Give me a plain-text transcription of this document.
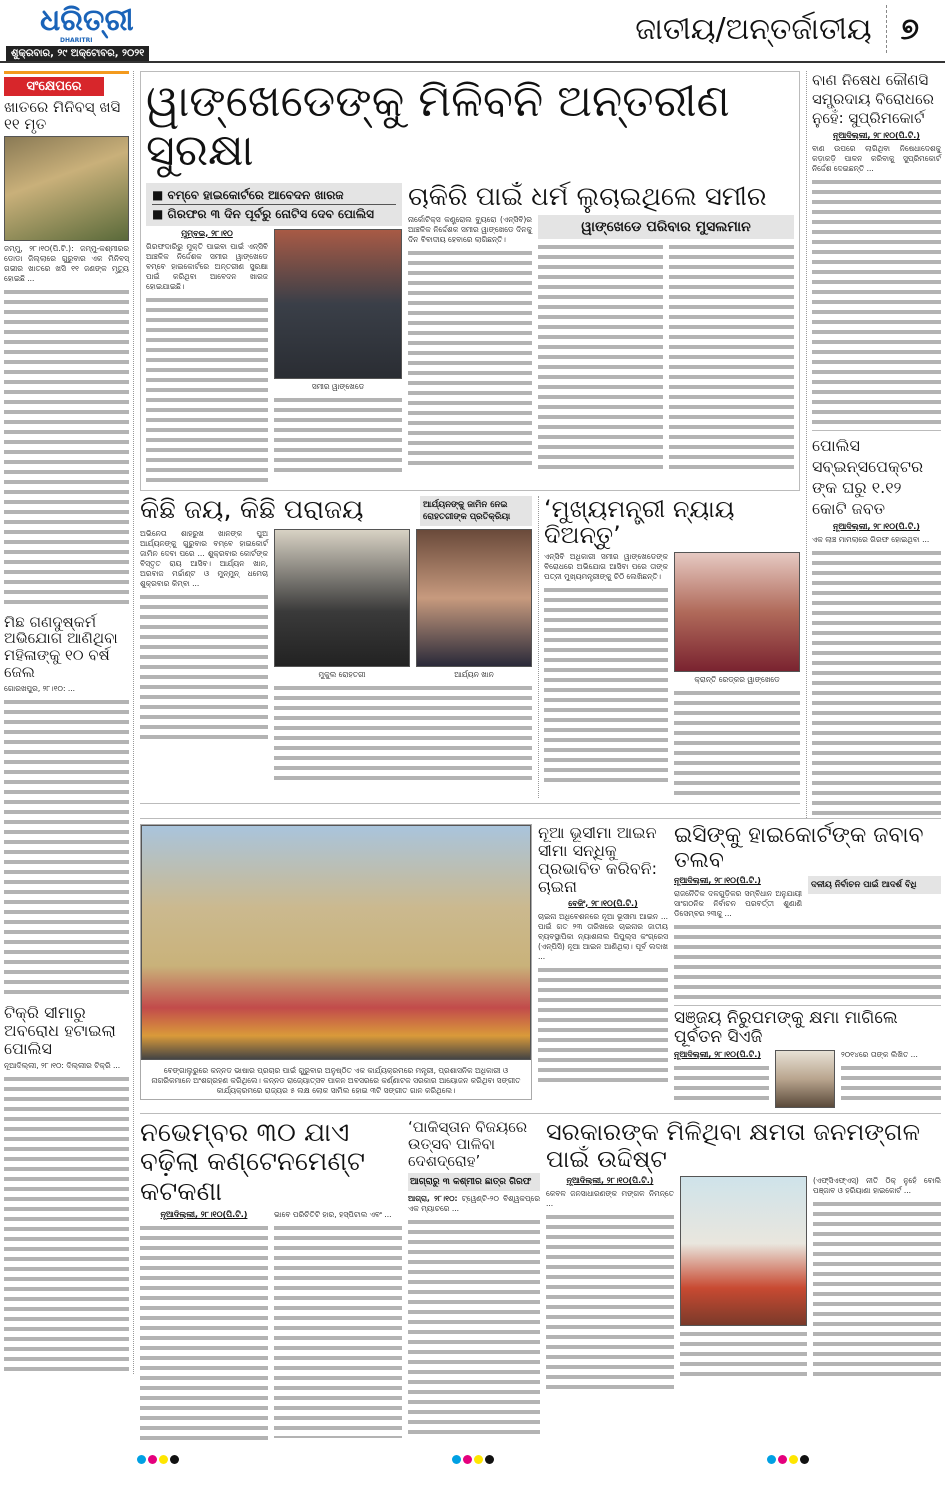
ଧରିତ୍ରୀ
DHARITRI
ଶୁକ୍ରବାର, ୨୯ ଅକ୍ଟୋବର, ୨୦୨୧
ଜାତୀୟ/ଅନ୍ତର୍ଜାତୀୟ ୭
ସଂକ୍ଷେପରେ
ଖାତରେ ମିନିବସ୍ ଖସି ୧୧ ମୃତ
ଜମ୍ମୁ, ୨୮।୧୦(ପି.ଟି.): ଜମ୍ମୁ-କଶ୍ମୀରର ଡୋଡା ଜିଲ୍ଲାରେ ଗୁରୁବାର ଏକ ମିନିବସ୍ ଗଭୀର ଖାତରେ ଖସି ୧୧ ଜଣଙ୍କ ମୃତ୍ୟୁ ହୋଇଛି ...
ମିଛ ଗଣଦୁଷ୍କର୍ମ ଅଭିଯୋଗ ଆଣିଥିବା ମହିଳାଙ୍କୁ ୧୦ ବର୍ଷ ଜେଲ
ଗୋରଖପୁର, ୨୮।୧୦: ...
ଟିକ୍ରି ସୀମାରୁ ଅବରୋଧ ହଟାଇଲା ପୋଲିସ
ନୂଆଦିଲ୍ଲୀ, ୨୮।୧୦: ଦିଲ୍ଲୀର ଟିକ୍ରି ...
ୱାଙ୍ଖେଡେଙ୍କୁ ମିଳିବନି ଅନ୍ତରୀଣ ସୁରକ୍ଷା
■ ବମ୍ବେ ହାଇକୋର୍ଟରେ ଆବେଦନ ଖାରଜ
■ ଗିରଫର ୩ ଦିନ ପୂର୍ବରୁ ନୋଟିସ ଦେବ ପୋଲିସ
ମୁମ୍ବଇ, ୨୮।୧୦
ଗିରଫଦାରିରୁ ମୁକ୍ତି ପାଇବା ପାଇଁ ଏନ୍‌ସିବି ଆଞ୍ଚଳିକ ନିର୍ଦ୍ଦେଶକ ସମୀର ୱାଙ୍ଖେଡେ ବମ୍ବେ ହାଇକୋର୍ଟରେ ଅନ୍ତରୀଣ ସୁରକ୍ଷା ପାଇଁ କରିଥିବା ଆବେଦନ ଖାରଜ ହୋଇଯାଇଛି।
ସମୀର ୱାଙ୍ଖେଡେ
ଚାକିରି ପାଇଁ ଧର୍ମ ଲୁଚାଇଥିଲେ ସମୀର
ନାର୍କୋଟିକ୍ସ କଣ୍ଟ୍ରୋଲ ବ୍ୟୁରୋ (ଏନ୍‌ସିବି)ର ଆଞ୍ଚଳିକ ନିର୍ଦ୍ଦେଶକ ସମୀର ୱାଙ୍ଖେଡେ ଦିନକୁ ଦିନ ବିବାଦୀୟ ହେବାରେ ଲାଗିଛନ୍ତି।
ୱାଙ୍ଖେଡେ ପରିବାର ମୁସଲମାନ
କିଛି ଜୟ, କିଛି ପରାଜୟ	ଆର୍ଯ୍ୟନଙ୍କୁ ଜାମିନ ନେଇ ରୋହତଗୀଙ୍କ ପ୍ରତିକ୍ରିୟା
ଅଭିନେତା ଶାହରୁଖ ଖାନଙ୍କ ପୁଅ ଆର୍ଯ୍ୟନଙ୍କୁ ଗୁରୁବାର ବମ୍ବେ ହାଇକୋର୍ଟ ଜାମିନ ଦେବା ପରେ ... ଶୁକ୍ରବାର କୋର୍ଟଙ୍କ ବିସ୍ତୃତ ରାୟ ଆସିବ। ଆର୍ଯ୍ୟନ ଖାନ, ଅରବାଜ ମର୍ଚ୍ଚାଣ୍ଟ ଓ ମୁନ୍‌ମୁନ୍ ଧମେଚା ଶୁକ୍ରବାର କିମ୍ବା ...
ମୁକୁଲ ରୋହତଗୀ	ଆର୍ଯ୍ୟନ ଖାନ
‘ମୁଖ୍ୟମନ୍ତ୍ରୀ ନ୍ୟାୟ ଦିଅନ୍ତୁ’
ଏନ୍‌ସିବି ଅଧିକାରୀ ସମୀର ୱାଙ୍ଖେଡେଙ୍କ ବିରୋଧରେ ଅଭିଯୋଗ ଆସିବା ପରେ ତାଙ୍କ ପତ୍ନୀ ମୁଖ୍ୟମନ୍ତ୍ରୀଙ୍କୁ ଚିଠି ଲେଖିଛନ୍ତି।
କ୍ରାନ୍ତି ରେଡ୍‌କର ୱାଙ୍ଖେଡେ
ବାଣ ନିଷେଧ କୌଣସି ସମ୍ପ୍ରଦାୟ ବିରୋଧରେ ନୁହେଁ: ସୁପ୍ରିମକୋର୍ଟ
ନୂଆଦିଲ୍ଲୀ, ୨୮।୧୦(ପି.ଟି.)
ବାଣ ଉପରେ ଲାଗିଥିବା ନିଷେଧାଦେଶକୁ କଡ଼ାକଡ଼ି ପାଳନ କରିବାକୁ ସୁପ୍ରିମକୋର୍ଟ ନିର୍ଦ୍ଦେଶ ଦେଇଛନ୍ତି ...
ପୋଲିସ ସବ୍‌ଇନ୍‌ସପେକ୍ଟରଙ୍କ ଘରୁ ୧.୧୨ କୋଟି ଜବତ
ନୂଆଦିଲ୍ଲୀ, ୨୮।୧୦(ପି.ଟି.)
ଏକ ଲାଞ୍ଚ ମାମଲାରେ ଗିରଫ ହୋଇଥିବା ...
ବେଙ୍ଗାଲୁରୁରେ କନ୍ନଡ ଭାଷାର ପ୍ରଚାର ପାଇଁ ଗୁରୁବାର ଅନୁଷ୍ଠିତ ଏକ କାର୍ଯ୍ୟକ୍ରମରେ ମନ୍ତ୍ରୀ, ପ୍ରଶାସନିକ ଅଧିକାରୀ ଓ ନାଗରିକମାନେ ଅଂଶଗ୍ରହଣ କରିଥିଲେ। କନ୍ନଡ ରାଜ୍ୟୋତ୍ସବ ପାଳନ ଅବସରରେ କର୍ଣ୍ଣାଟକ ସରକାର ଆୟୋଜନ କରିଥିବା ସଙ୍ଗୀତ କାର୍ଯ୍ୟକ୍ରମରେ ରାଜ୍ୟର ୫ ଲକ୍ଷ ଲୋକ ସାମିଲ ହୋଇ ୩ଟି ସଙ୍ଗୀତ ଗାନ କରିଥିଲେ।
ନୂଆ ଭୂସୀମା ଆଇନ ସୀମା ସନ୍ଧିକୁ ପ୍ରଭାବିତ କରିବନି: ଚାଇନା
ବେଜିଂ, ୨୮।୧୦(ପି.ଟି.)
ଚାଇନା ଅଧିବେଶନରେ ନୂଆ ଭୂସୀମା ଆଇନ ... ପାଇଁ ଗତ ୨୩ ତାରିଖରେ ଚାଇନାର ଜାତୀୟ ବ୍ୟବସ୍ଥାପିକା ନ୍ୟାଶନାଲ ପିପୁଲ୍ସ କଂଗ୍ରେସ (ଏନ୍‌ପିସି) ନୂଆ ଆଇନ ଆଣିଥିଲା। ପୂର୍ବ ଲଦାଖ ...
ଇସିଙ୍କୁ ହାଇକୋର୍ଟଙ୍କ ଜବାବ ତଲବ
ନୂଆଦିଲ୍ଲୀ, ୨୮।୧୦(ପି.ଟି.)
ରାଜନୈତିକ ଦଳଗୁଡ଼ିକର ସମ୍ବିଧାନ ଅନୁଯାୟୀ ସାଂଗଠନିକ ନିର୍ବାଚନ ପରବର୍ତ୍ତୀ ଶୁଣାଣି ଡିସେମ୍ବର ୨୩କୁ ...
ଦଳୀୟ ନିର୍ବାଚନ ପାଇଁ ଆଦର୍ଶ ବିଧି
ସଞ୍ଜୟ ନିରୁପମଙ୍କୁ କ୍ଷମା ମାଗିଲେ ପୂର୍ବତନ ସିଏଜି
ନୂଆଦିଲ୍ଲୀ, ୨୮।୧୦(ପି.ଟି.)	୨୦୧୪ରେ ତାଙ୍କ ଲିଖିତ ...
ନଭେମ୍ବର ୩୦ ଯାଏ ବଢ଼ିଲା କଣ୍ଟେନମେଣ୍ଟ କଟକଣା
ନୂଆଦିଲ୍ଲୀ, ୨୮।୧୦(ପି.ଟି.)	ଭାବେ ପରିଚିତିଟି ହାର, ହସ୍ପିଟାଲ ଏବଂ ...
‘ପାକିସ୍ତାନ ବିଜୟରେ ଉତ୍ସବ ପାଳିବା ଦେଶଦ୍ରୋହ’
ଆଗ୍ରାରୁ ୩ କଶ୍ମୀର ଛାତ୍ର ଗିରଫ
ଆଗ୍ରା, ୨୮।୧୦: ଟ୍ୱେଣ୍ଟି-୨୦ ବିଶ୍ୱକପ୍‌ରେ ଏକ ମ୍ୟାଚରେ ...
ସରକାରଙ୍କ ମିଳିଥିବା କ୍ଷମତା ଜନମଙ୍ଗଳ ପାଇଁ ଉଦ୍ଦିଷ୍ଟ
ନୂଆଦିଲ୍ଲୀ, ୨୮।୧୦(ପି.ଟି.)
କେବଳ ଜନସାଧାରଣଙ୍କ ମଙ୍ଗଳ ନିମନ୍ତେ ...
(ଏଫ୍‌ସିଏଫ୍‌ଏସ୍) ନୀତି ଠିକ୍ ନୁହେଁ ବୋଲି ପଞ୍ଜାବ ଓ ହରିୟାଣା ହାଇକୋର୍ଟ ...
